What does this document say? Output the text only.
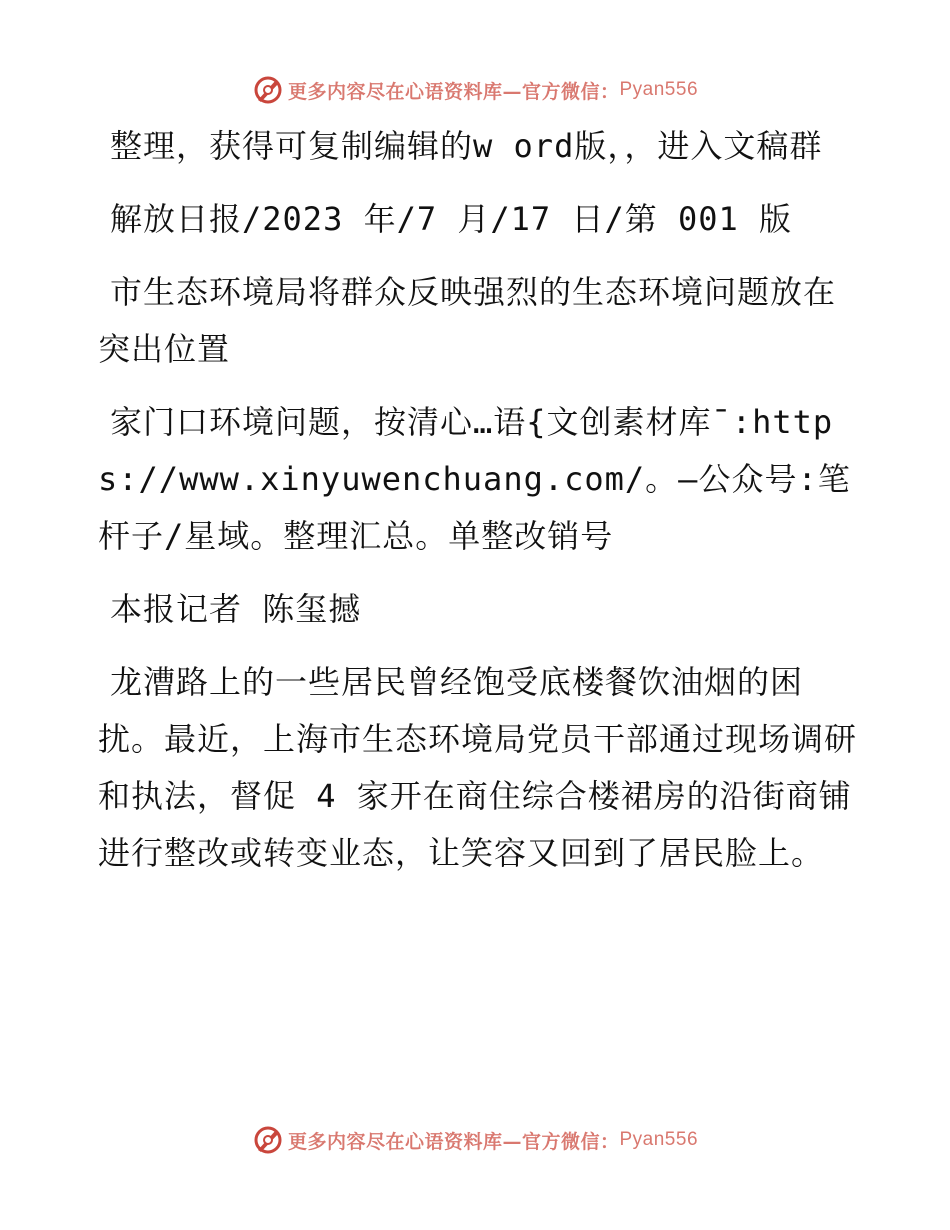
更多内容尽在心语资料库—官方微信： Pyan556

整理，获得可复制编辑的w ord版，，进入文稿群

解放日报/2023 年/7 月/17 日/第 001 版

市生态环境局将群众反映强烈的生态环境问题放在突出位置

家门口环境问题，按清心…语{文创素材库¯:https://www.xinyuwenchuang.com/。—公众号:笔杆子/星域。整理汇总。单整改销号

本报记者 陈玺撼

龙漕路上的一些居民曾经饱受底楼餐饮油烟的困扰。最近，上海市生态环境局党员干部通过现场调研和执法，督促 4 家开在商住综合楼裙房的沿街商铺进行整改或转变业态，让笑容又回到了居民脸上。

更多内容尽在心语资料库—官方微信： Pyan556
